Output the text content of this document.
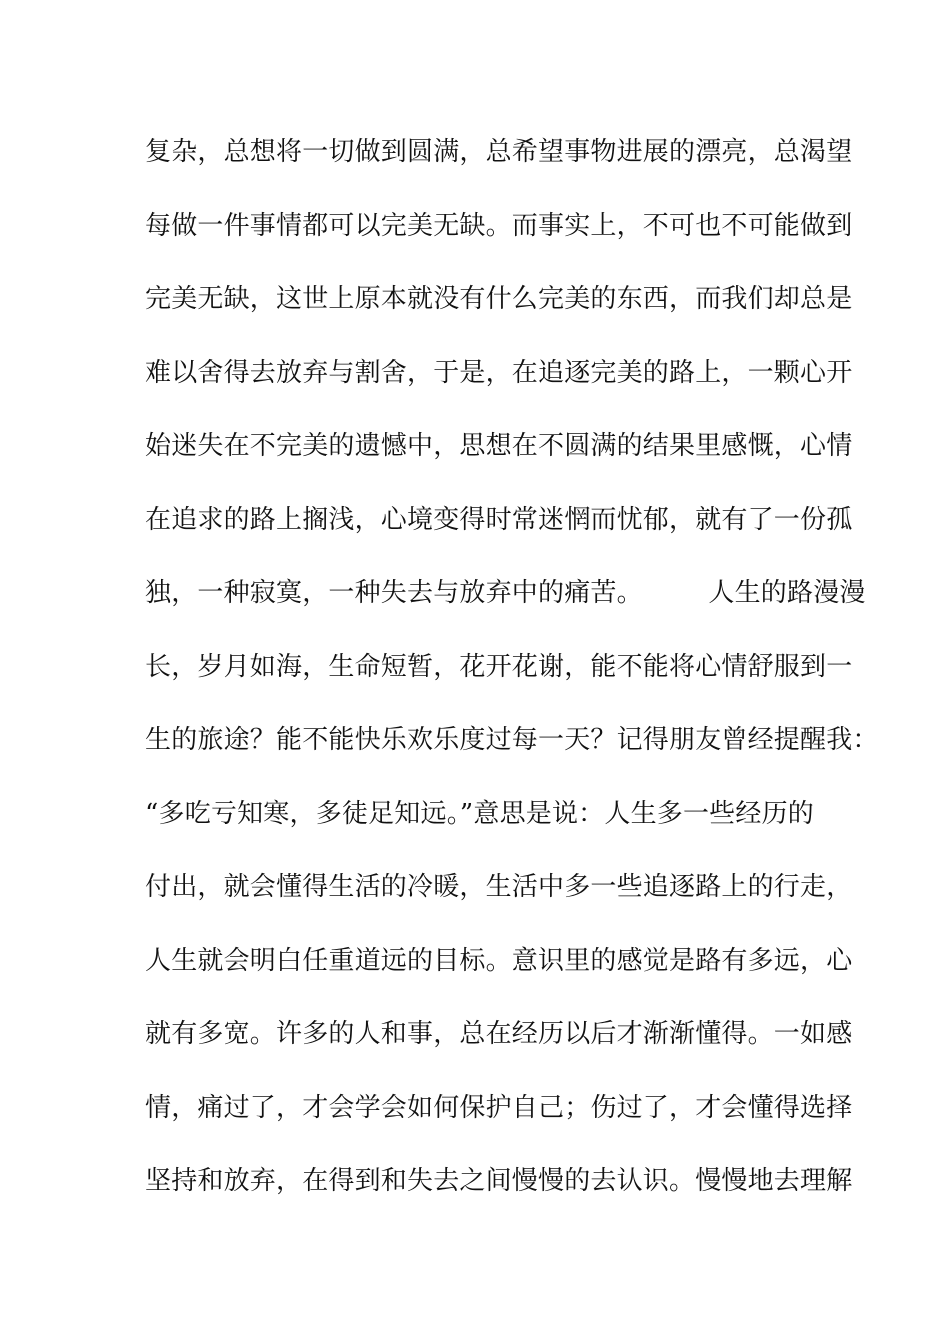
复杂，总想将一切做到圆满，总希望事物进展的漂亮，总渴望
每做一件事情都可以完美无缺。而事实上，不可也不可能做到
完美无缺，这世上原本就没有什么完美的东西，而我们却总是
难以舍得去放弃与割舍，于是，在追逐完美的路上，一颗心开
始迷失在不完美的遗憾中，思想在不圆满的结果里感慨，心情
在追求的路上搁浅，心境变得时常迷惘而忧郁，就有了一份孤
独，一种寂寞，一种失去与放弃中的痛苦。　　　人生的路漫漫
长，岁月如海，生命短暂，花开花谢，能不能将心情舒服到一
生的旅途？能不能快乐欢乐度过每一天？记得朋友曾经提醒我：
“多吃亏知寒，多徒足知远。”意思是说：人生多一些经历的
付出，就会懂得生活的冷暖，生活中多一些追逐路上的行走，
人生就会明白任重道远的目标。意识里的感觉是路有多远，心
就有多宽。许多的人和事，总在经历以后才渐渐懂得。一如感
情，痛过了，才会学会如何保护自己；伤过了，才会懂得选择
坚持和放弃，在得到和失去之间慢慢的去认识。慢慢地去理解
